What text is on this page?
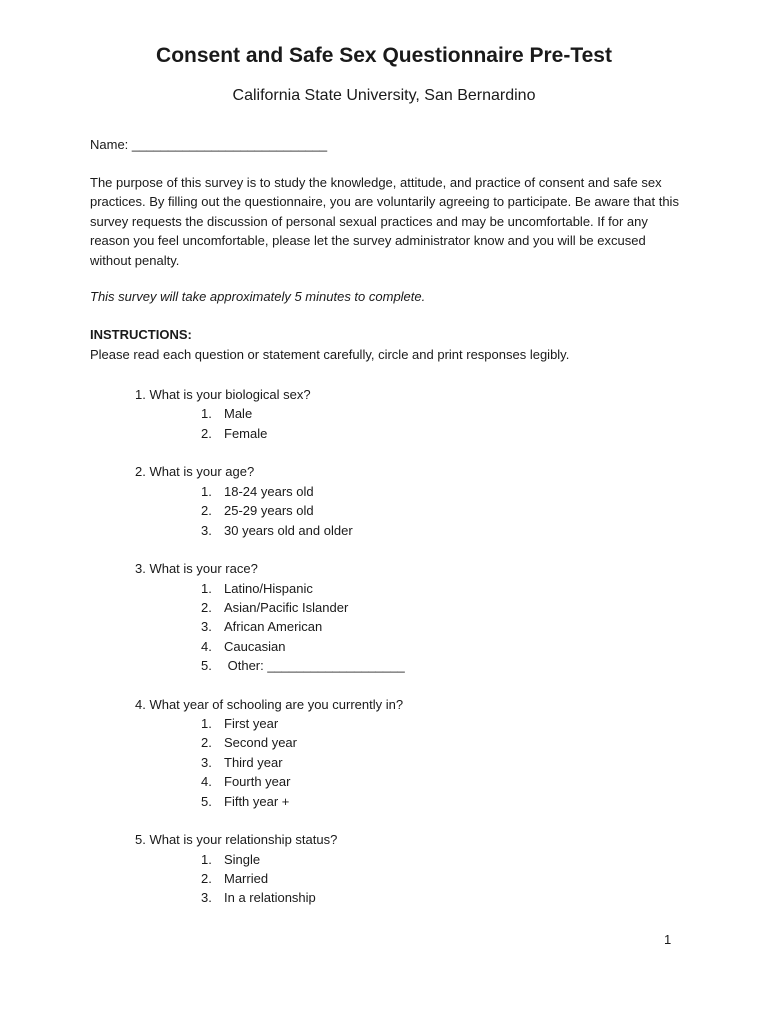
Consent and Safe Sex Questionnaire Pre-Test

California State University, San Bernardino

Name: ___________________________

The purpose of this survey is to study the knowledge, attitude, and practice of consent and safe sex practices. By filling out the questionnaire, you are voluntarily agreeing to participate. Be aware that this survey requests the discussion of personal sexual practices and may be uncomfortable. If for any reason you feel uncomfortable, please let the survey administrator know and you will be excused without penalty.

This survey will take approximately 5 minutes to complete.

INSTRUCTIONS:

Please read each question or statement carefully, circle and print responses legibly.

1. What is your biological sex?
1. Male
2. Female
2. What is your age?
1. 18-24 years old
2. 25-29 years old
3. 30 years old and older
3. What is your race?
1. Latino/Hispanic
2. Asian/Pacific Islander
3. African American
4. Caucasian
5. Other: ___________________
4. What year of schooling are you currently in?
1. First year
2. Second year
3. Third year
4. Fourth year
5. Fifth year +
5. What is your relationship status?
1. Single
2. Married
3. In a relationship
1
